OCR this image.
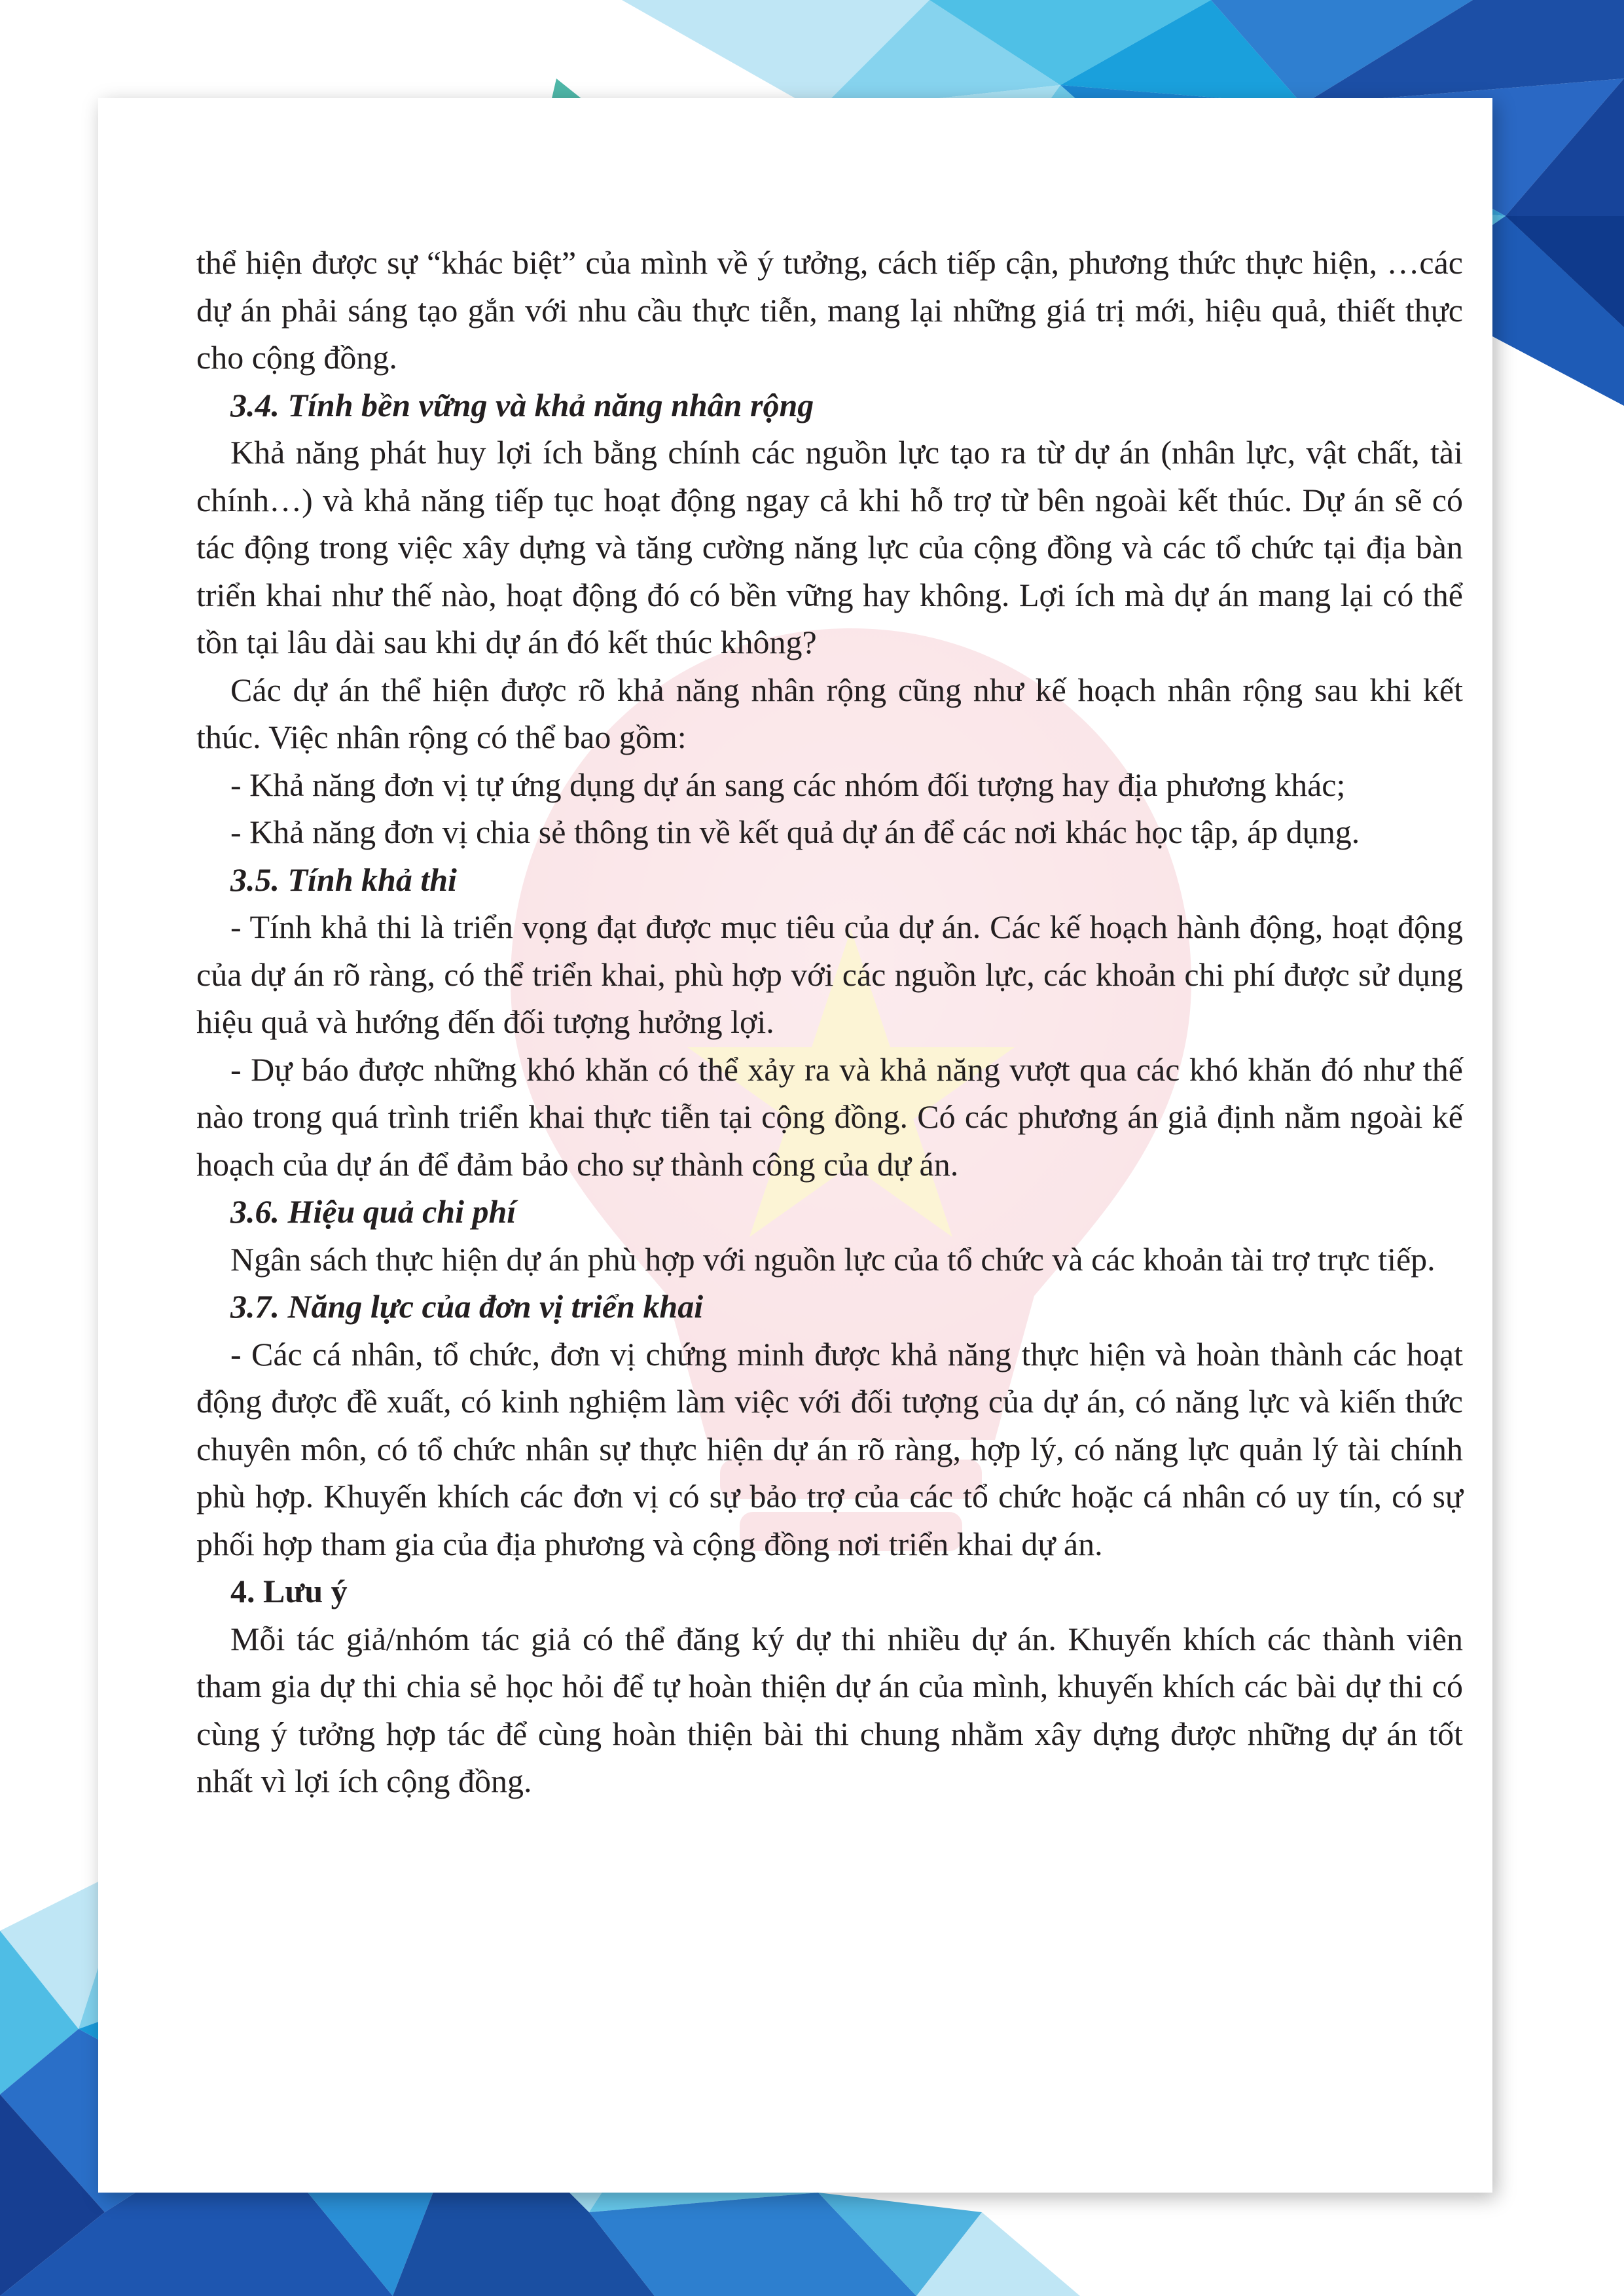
thể hiện được sự “khác biệt” của mình về ý tưởng, cách tiếp cận, phương thức thực hiện, …các dự án phải sáng tạo gắn với nhu cầu thực tiễn, mang lại những giá trị mới, hiệu quả, thiết thực cho cộng đồng.

3.4. Tính bền vững và khả năng nhân rộng

Khả năng phát huy lợi ích bằng chính các nguồn lực tạo ra từ dự án (nhân lực, vật chất, tài chính…) và khả năng tiếp tục hoạt động ngay cả khi hỗ trợ từ bên ngoài kết thúc. Dự án sẽ có tác động trong việc xây dựng và tăng cường năng lực của cộng đồng và các tổ chức tại địa bàn triển khai như thế nào, hoạt động đó có bền vững hay không. Lợi ích mà dự án mang lại có thể tồn tại lâu dài sau khi dự án đó kết thúc không?

Các dự án thể hiện được rõ khả năng nhân rộng cũng như kế hoạch nhân rộng sau khi kết thúc. Việc nhân rộng có thể bao gồm:

- Khả năng đơn vị tự ứng dụng dự án sang các nhóm đối tượng hay địa phương khác;

- Khả năng đơn vị chia sẻ thông tin về kết quả dự án để các nơi khác học tập, áp dụng.

3.5. Tính khả thi

- Tính khả thi là triển vọng đạt được mục tiêu của dự án. Các kế hoạch hành động, hoạt động của dự án rõ ràng, có thể triển khai, phù hợp với các nguồn lực, các khoản chi phí được sử dụng hiệu quả và hướng đến đối tượng hưởng lợi.

- Dự báo được những khó khăn có thể xảy ra và khả năng vượt qua các khó khăn đó như thế nào trong quá trình triển khai thực tiễn tại cộng đồng. Có các phương án giả định nằm ngoài kế hoạch của dự án để đảm bảo cho sự thành công của dự án.

3.6. Hiệu quả chi phí

Ngân sách thực hiện dự án phù hợp với nguồn lực của tổ chức và các khoản tài trợ trực tiếp.

3.7. Năng lực của đơn vị triển khai

- Các cá nhân, tổ chức, đơn vị chứng minh được khả năng thực hiện và hoàn thành các hoạt động được đề xuất, có kinh nghiệm làm việc với đối tượng của dự án, có năng lực và kiến thức chuyên môn, có tổ chức nhân sự thực hiện dự án rõ ràng, hợp lý, có năng lực quản lý tài chính phù hợp. Khuyến khích các đơn vị có sự bảo trợ của các tổ chức hoặc cá nhân có uy tín, có sự phối hợp tham gia của địa phương và cộng đồng nơi triển khai dự án.

4. Lưu ý

Mỗi tác giả/nhóm tác giả có thể đăng ký dự thi nhiều dự án. Khuyến khích các thành viên tham gia dự thi chia sẻ học hỏi để tự hoàn thiện dự án của mình, khuyến khích các bài dự thi có cùng ý tưởng hợp tác để cùng hoàn thiện bài thi chung nhằm xây dựng được những dự án tốt nhất vì lợi ích cộng đồng.
